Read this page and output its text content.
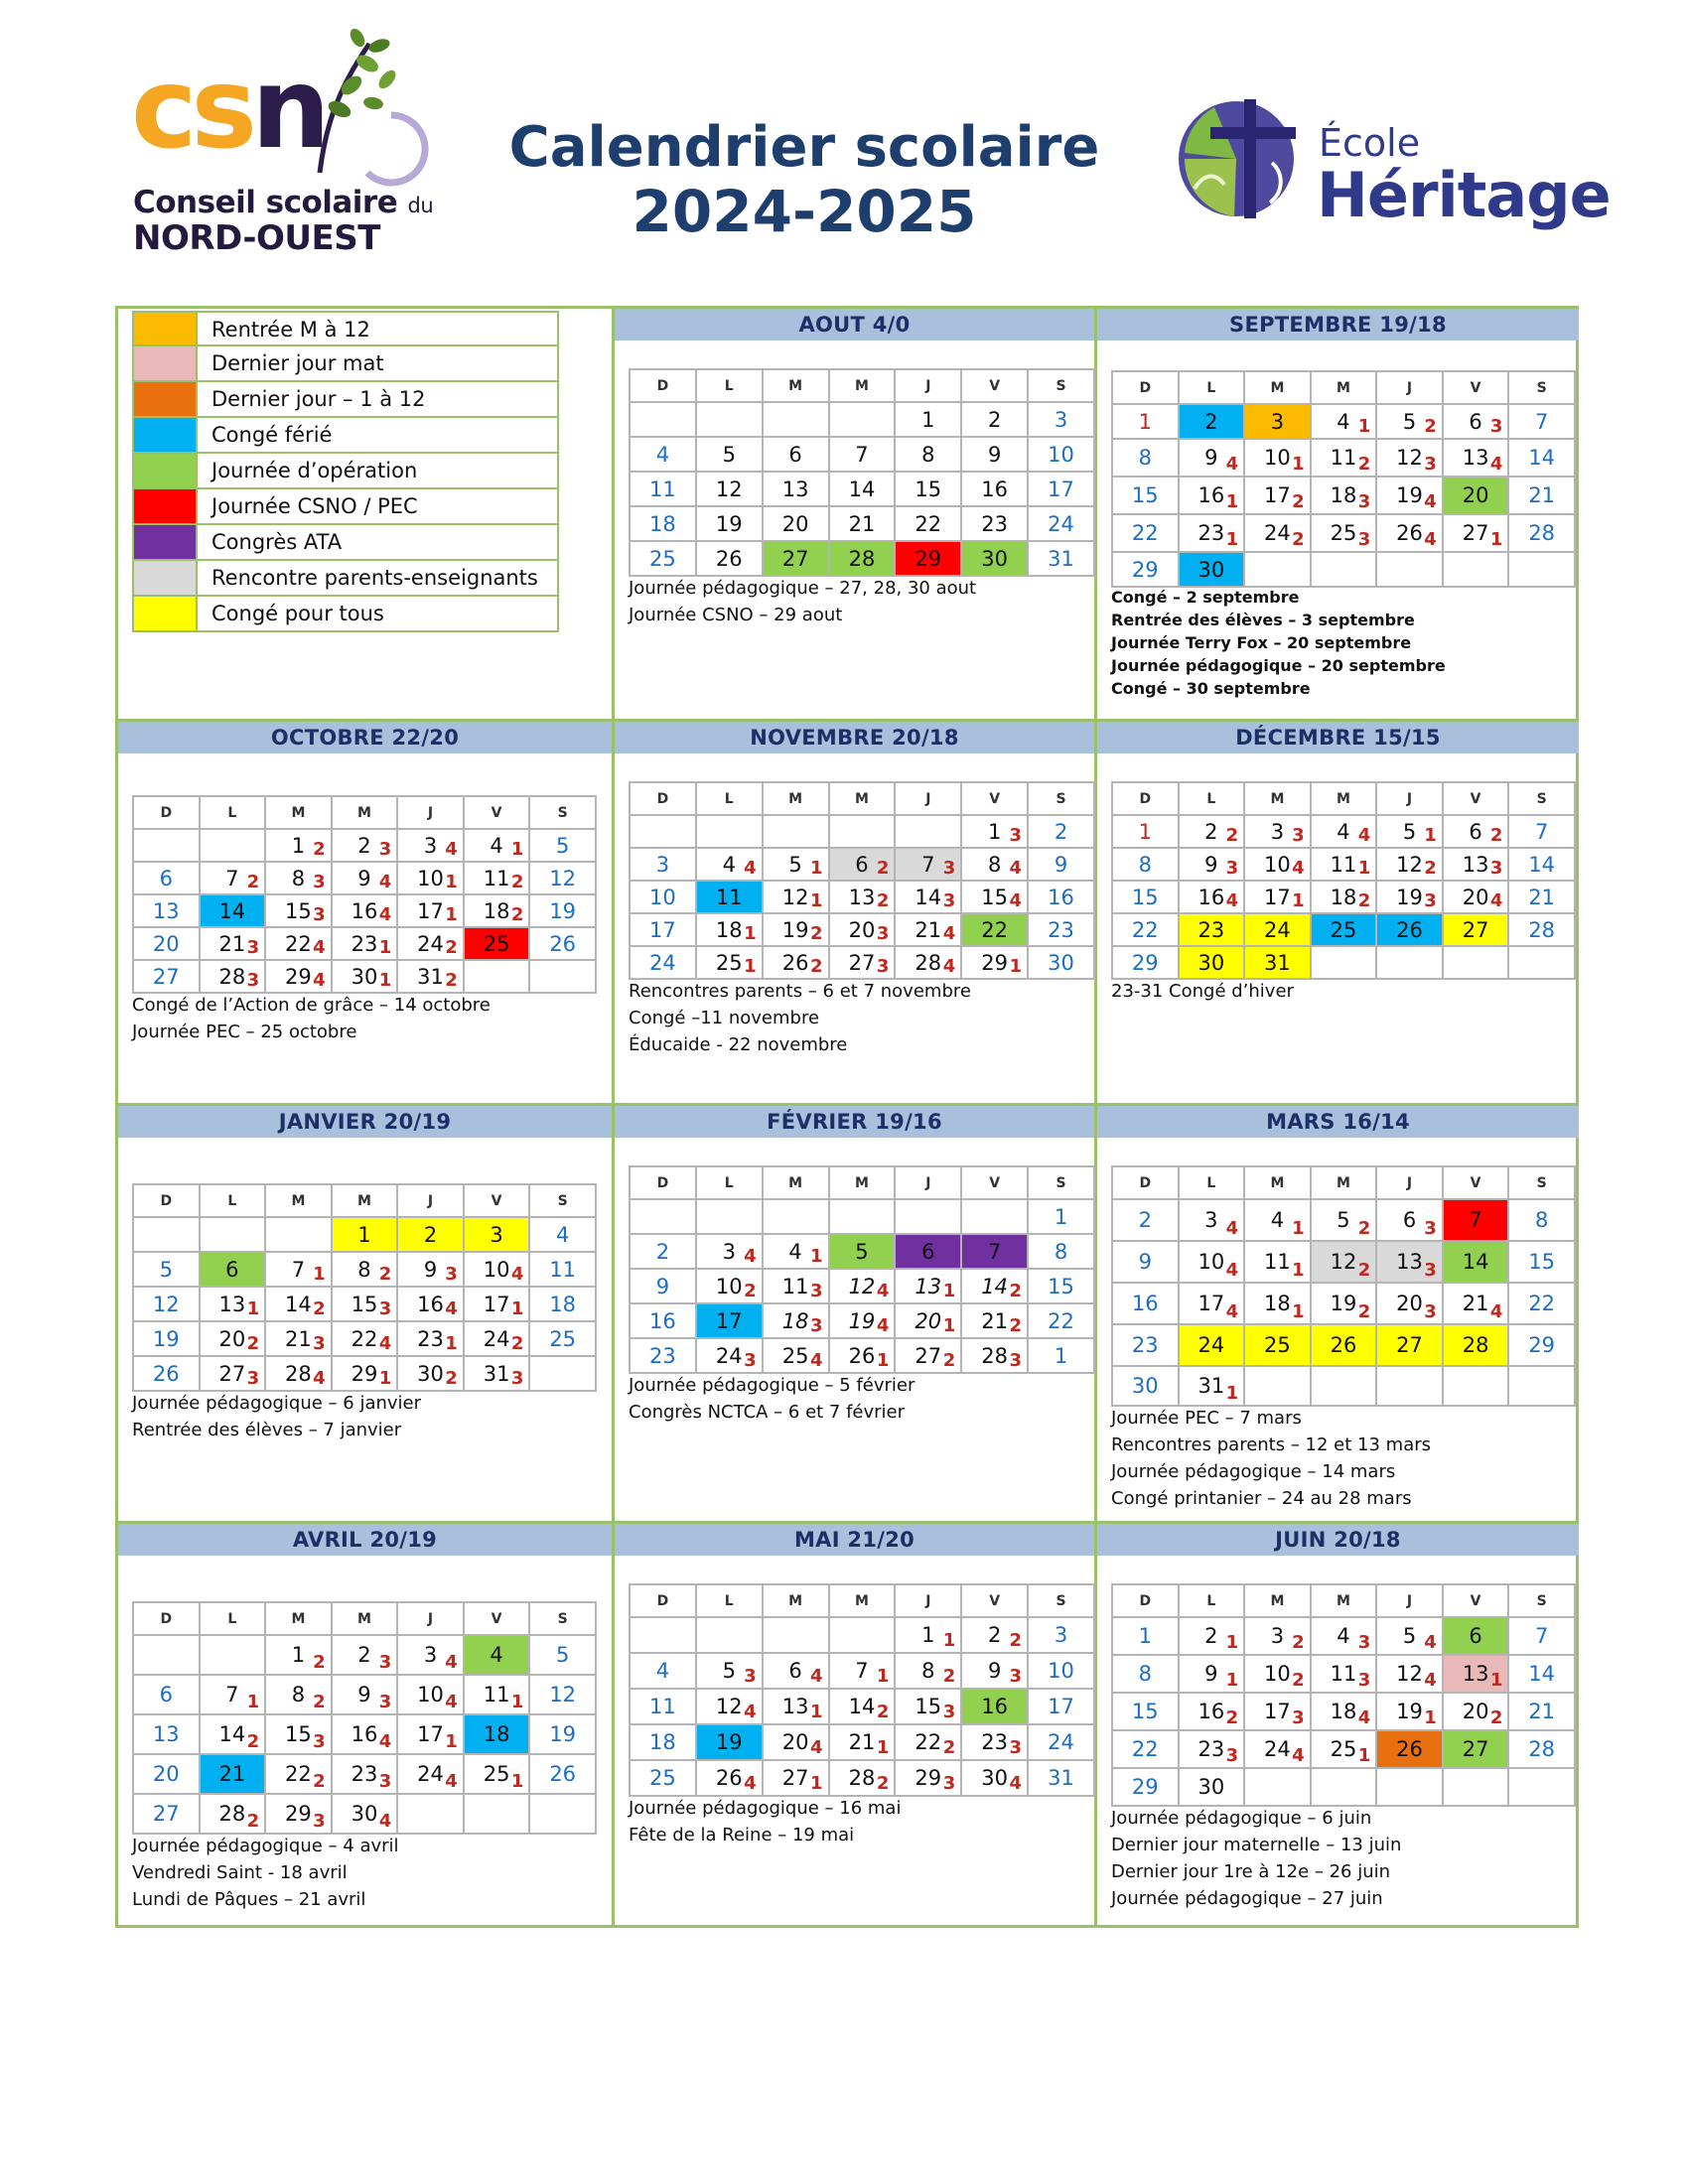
csn
Conseil scolaire du
NORD-OUEST
Calendrier scolaire
2024-2025
École
Héritage
Rentrée M à 12
Dernier jour mat
Dernier jour – 1 à 12
Congé férié
Journée d’opération
Journée CSNO / PEC
Congrès ATA
Rencontre parents-enseignants
Congé pour tous
AOUT 4/0
D	L	M	M	J	V	S
				1	2	3
4	5	6	7	8	9	10
11	12	13	14	15	16	17
18	19	20	21	22	23	24
25	26	27	28	29	30	31
Journée pédagogique – 27, 28, 30 aout
Journée CSNO – 29 aout
SEPTEMBRE 19/18
D	L	M	M	J	V	S
1	2	3	4 1	5 2	6 3	7
8	9 4	10 1	11 2	12 3	13 4	14
15	16 1	17 2	18 3	19 4	20	21
22	23 1	24 2	25 3	26 4	27 1	28
29	30					
Congé – 2 septembre
Rentrée des élèves – 3 septembre
Journée Terry Fox – 20 septembre
Journée pédagogique – 20 septembre
Congé – 30 septembre
OCTOBRE 22/20
D	L	M	M	J	V	S
		1 2	2 3	3 4	4 1	5
6	7 2	8 3	9 4	10 1	11 2	12
13	14	15 3	16 4	17 1	18 2	19
20	21 3	22 4	23 1	24 2	25	26
27	28 3	29 4	30 1	31 2		

Congé de l’Action de grâce – 14 octobre
Journée PEC – 25 octobre
NOVEMBRE 20/18
D	L	M	M	J	V	S
					1 3	2
3	4 4	5 1	6 2	7 3	8 4	9
10	11	12 1	13 2	14 3	15 4	16
17	18 1	19 2	20 3	21 4	22	23
24	25 1	26 2	27 3	28 4	29 1	30
Rencontres parents – 6 et 7 novembre
Congé –11 novembre
Éducaide - 22 novembre
DÉCEMBRE 15/15
D	L	M	M	J	V	S
1	2 2	3 3	4 4	5 1	6 2	7
8	9 3	10 4	11 1	12 2	13 3	14
15	16 4	17 1	18 2	19 3	20 4	21
22	23	24	25	26	27	28
29	30	31				
23-31 Congé d’hiver
JANVIER 20/19
D	L	M	M	J	V	S
			1	2	3	4
5	6	7 1	8 2	9 3	10 4	11
12	13 1	14 2	15 3	16 4	17 1	18
19	20 2	21 3	22 4	23 1	24 2	25
26	27 3	28 4	29 1	30 2	31 3	

Journée pédagogique – 6 janvier
Rentrée des élèves – 7 janvier
FÉVRIER 19/16
D	L	M	M	J	V	S
						1
2	3 4	4 1	5	6	7	8
9	10 2	11 3	12 4	13 1	14 2	15
16	17	18 3	19 4	20 1	21 2	22
23	24 3	25 4	26 1	27 2	28 3	1
Journée pédagogique – 5 février
Congrès NCTCA – 6 et 7 février
MARS 16/14
D	L	M	M	J	V	S
2	3 4	4 1	5 2	6 3	7	8
9	10 4	11 1	12 2	13 3	14	15
16	17 4	18 1	19 2	20 3	21 4	22
23	24	25	26	27	28	29
30	31 1					

Journée PEC – 7 mars
Rencontres parents – 12 et 13 mars
Journée pédagogique – 14 mars
Congé printanier – 24 au 28 mars
AVRIL 20/19
D	L	M	M	J	V	S
		1 2	2 3	3 4	4	5
6	7 1	8 2	9 3	10 4	11 1	12
13	14 2	15 3	16 4	17 1	18	19
20	21	22 2	23 3	24 4	25 1	26
27	28 2	29 3	30 4			

Journée pédagogique – 4 avril
Vendredi Saint - 18 avril
Lundi de Pâques – 21 avril
MAI 21/20
D	L	M	M	J	V	S
				1 1	2 2	3
4	5 3	6 4	7 1	8 2	9 3	10
11	12 4	13 1	14 2	15 3	16	17
18	19	20 4	21 1	22 2	23 3	24
25	26 4	27 1	28 2	29 3	30 4	31
Journée pédagogique – 16 mai
Fête de la Reine – 19 mai
JUIN 20/18
D	L	M	M	J	V	S
1	2 1	3 2	4 3	5 4	6	7
8	9 1	10 2	11 3	12 4	13 1	14
15	16 2	17 3	18 4	19 1	20 2	21
22	23 3	24 4	25 1	26	27	28
29	30					
Journée pédagogique – 6 juin
Dernier jour maternelle – 13 juin
Dernier jour 1re à 12e – 26 juin
Journée pédagogique – 27 juin
